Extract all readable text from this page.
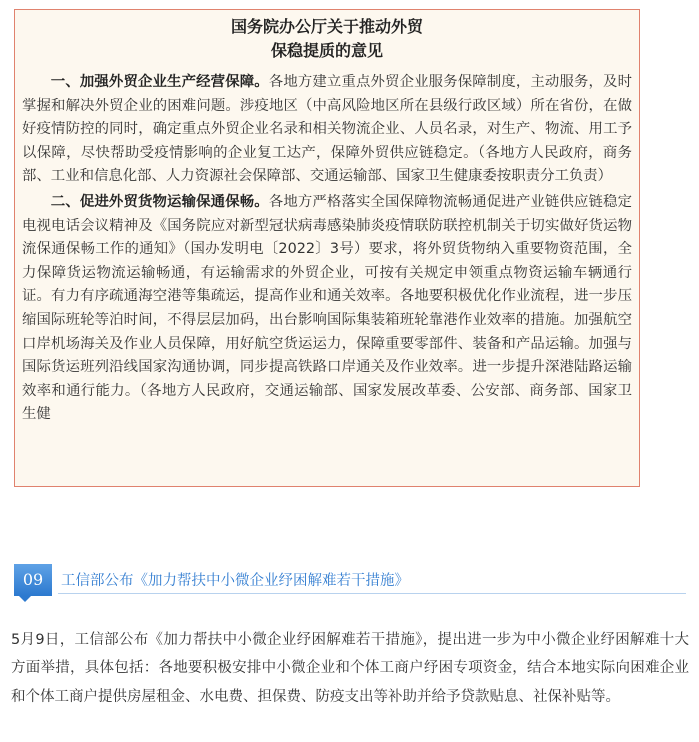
国务院办公厅关于推动外贸
保稳提质的意见

一、加强外贸企业生产经营保障。各地方建立重点外贸企业服务保障制度，主动服务，及时掌握和解决外贸企业的困难问题。涉疫地区（中高风险地区所在县级行政区域）所在省份，在做好疫情防控的同时，确定重点外贸企业名录和相关物流企业、人员名录，对生产、物流、用工予以保障，尽快帮助受疫情影响的企业复工达产，保障外贸供应链稳定。（各地方人民政府，商务部、工业和信息化部、人力资源社会保障部、交通运输部、国家卫生健康委按职责分工负责）

二、促进外贸货物运输保通保畅。各地方严格落实全国保障物流畅通促进产业链供应链稳定电视电话会议精神及《国务院应对新型冠状病毒感染肺炎疫情联防联控机制关于切实做好货运物流保通保畅工作的通知》（国办发明电〔2022〕3号）要求，将外贸货物纳入重要物资范围，全力保障货运物流运输畅通，有运输需求的外贸企业，可按有关规定申领重点物资运输车辆通行证。有力有序疏通海空港等集疏运，提高作业和通关效率。各地要积极优化作业流程，进一步压缩国际班轮等泊时间，不得层层加码，出台影响国际集装箱班轮靠港作业效率的措施。加强航空口岸机场海关及作业人员保障，用好航空货运运力，保障重要零部件、装备和产品运输。加强与国际货运班列沿线国家沟通协调，同步提高铁路口岸通关及作业效率。进一步提升深港陆路运输效率和通行能力。（各地方人民政府，交通运输部、国家发展改革委、公安部、商务部、国家卫生健

09	工信部公布《加力帮扶中小微企业纾困解难若干措施》

5月9日，工信部公布《加力帮扶中小微企业纾困解难若干措施》，提出进一步为中小微企业纾困解难十大方面举措，具体包括：各地要积极安排中小微企业和个体工商户纾困专项资金，结合本地实际向困难企业和个体工商户提供房屋租金、水电费、担保费、防疫支出等补助并给予贷款贴息、社保补贴等。
